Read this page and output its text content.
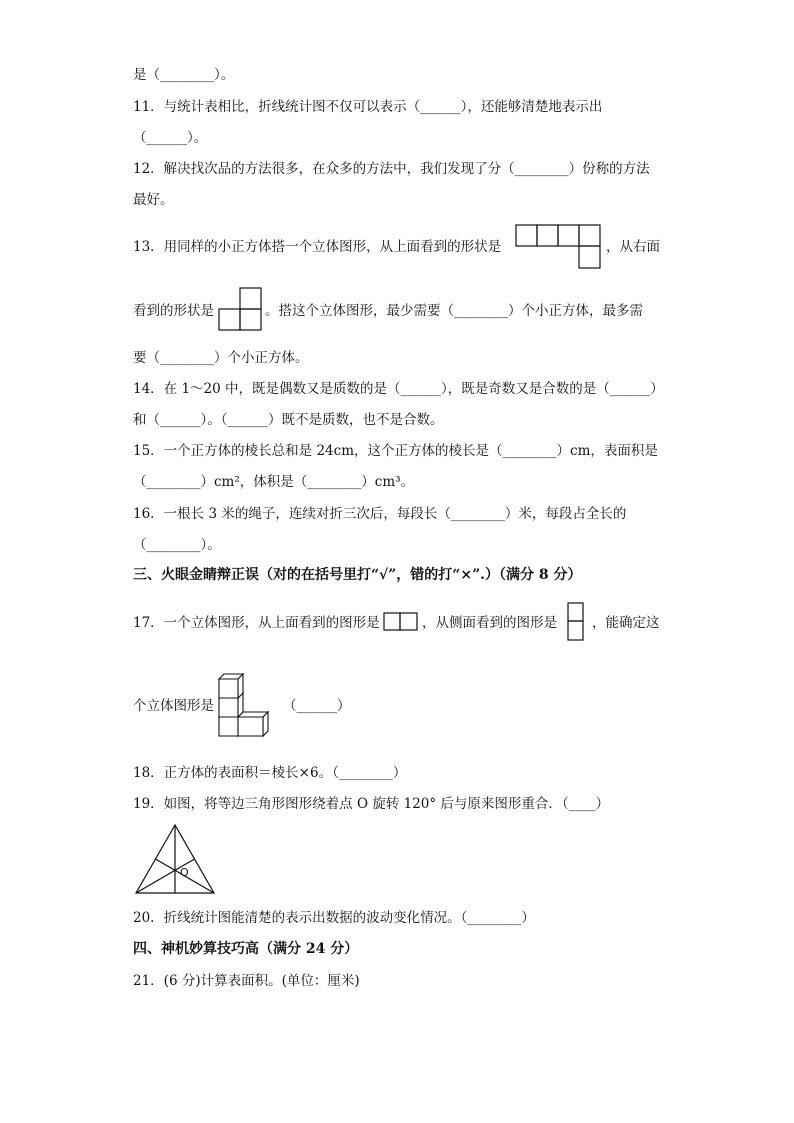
是（________）。
11．与统计表相比，折线统计图不仅可以表示（______），还能够清楚地表示出
（______）。
12．解决找次品的方法很多，在众多的方法中，我们发现了分（________）份称的方法
最好。
13．用同样的小正方体搭一个立体图形，从上面看到的形状是	，从右面
看到的形状是	。搭这个立体图形，最少需要（________）个小正方体，最多需
要（________）个小正方体。
14．在 1～20 中，既是偶数又是质数的是（______），既是奇数又是合数的是（______）
和（______）。（______）既不是质数，也不是合数。
15．一个正方体的棱长总和是 24cm，这个正方体的棱长是（________）cm，表面积是
（________）cm²，体积是（________）cm³。
16．一根长 3 米的绳子，连续对折三次后，每段长（________）米，每段占全长的
（________）。
三、火眼金睛辩正误（对的在括号里打“√”，错的打“×”.）（满分 8 分）
17．一个立体图形，从上面看到的图形是	，从侧面看到的图形是	，能确定这
个立体图形是	（______）
18．正方体的表面积＝棱长×6。（________）
19．如图，将等边三角形图形绕着点 O 旋转 120° 后与原来图形重合．（____）
O
20．折线统计图能清楚的表示出数据的波动变化情况。（________）
四、神机妙算技巧高（满分 24 分）
21．(6 分)计算表面积。(单位：厘米)
